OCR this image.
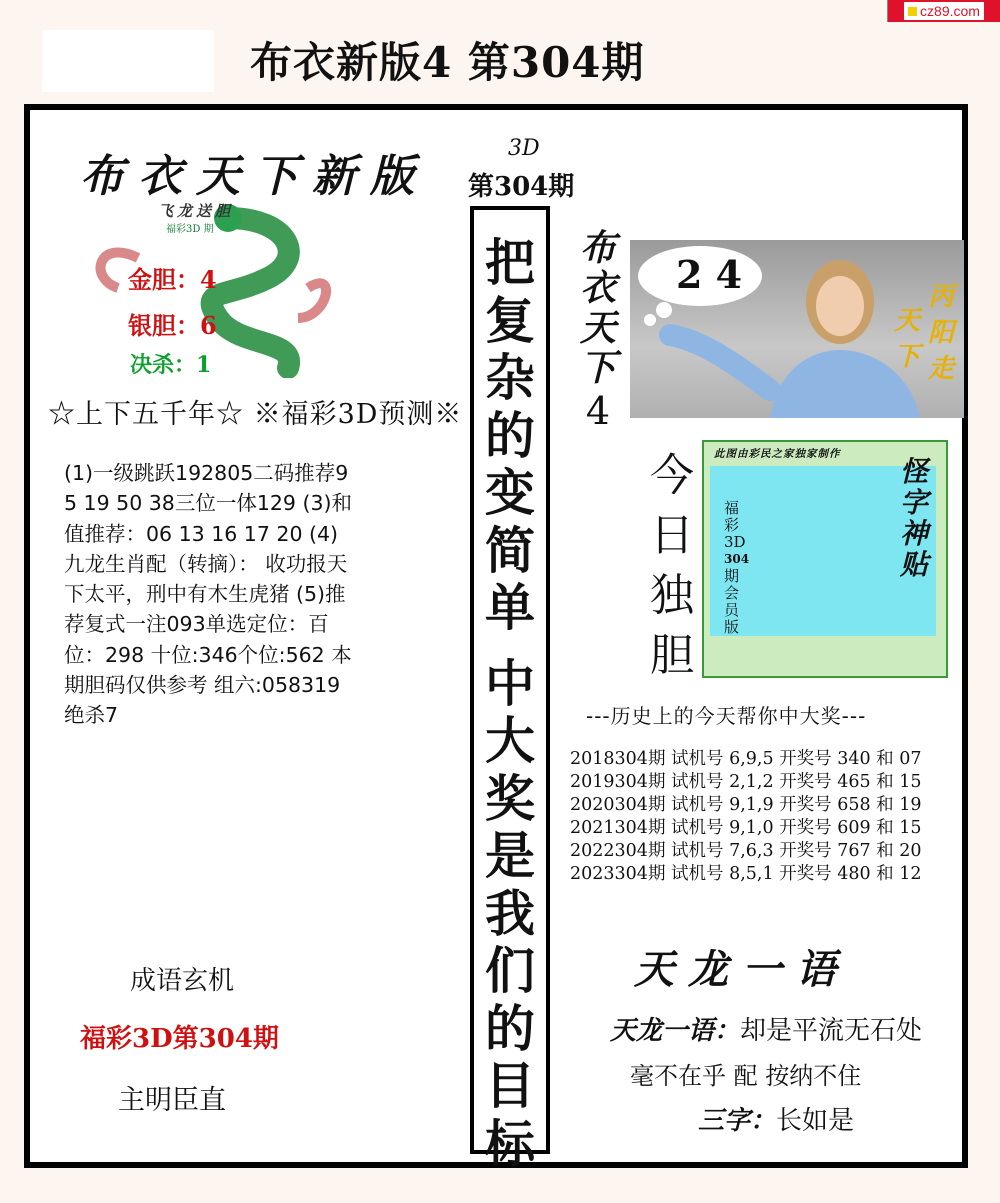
cz89.com
布衣新版4 第304期
布衣天下新版
飞龙送胆
福彩3D 期
金胆：4
银胆：6
决杀：1
☆上下五千年☆ ※福彩3D预测※
(1)一级跳跃192805二码推荐95 19 50 38三位一体129 (3)和值推荐：06 13 16 17 20 (4)九龙生肖配（转摘）： 收功报天下太平，刑中有木生虎猪 (5)推荐复式一注093单选定位：百位：298 十位:346个位:562 本期胆码仅供参考 组六:058319绝杀7
成语玄机
福彩3D第304期
主明臣直
3D
第304期
把
复
杂
的
变
简
单
中
大
奖
是
我
们
的
目
标
布
衣
天
下
4
2 4
天
下
丙
阳
走
今
日
独
胆
此图由彩民之家独家制作
福
彩
3D
304
期
会
员
版
怪
字
神
贴
---历史上的今天帮你中大奖---
2018304期 试机号 6,9,5 开奖号 340 和 07
2019304期 试机号 2,1,2 开奖号 465 和 15
2020304期 试机号 9,1,9 开奖号 658 和 19
2021304期 试机号 9,1,0 开奖号 609 和 15
2022304期 试机号 7,6,3 开奖号 767 和 20
2023304期 试机号 8,5,1 开奖号 480 和 12
天龙一语
天龙一语：却是平流无石处
毫不在乎 配 按纳不住
三字：长如是
